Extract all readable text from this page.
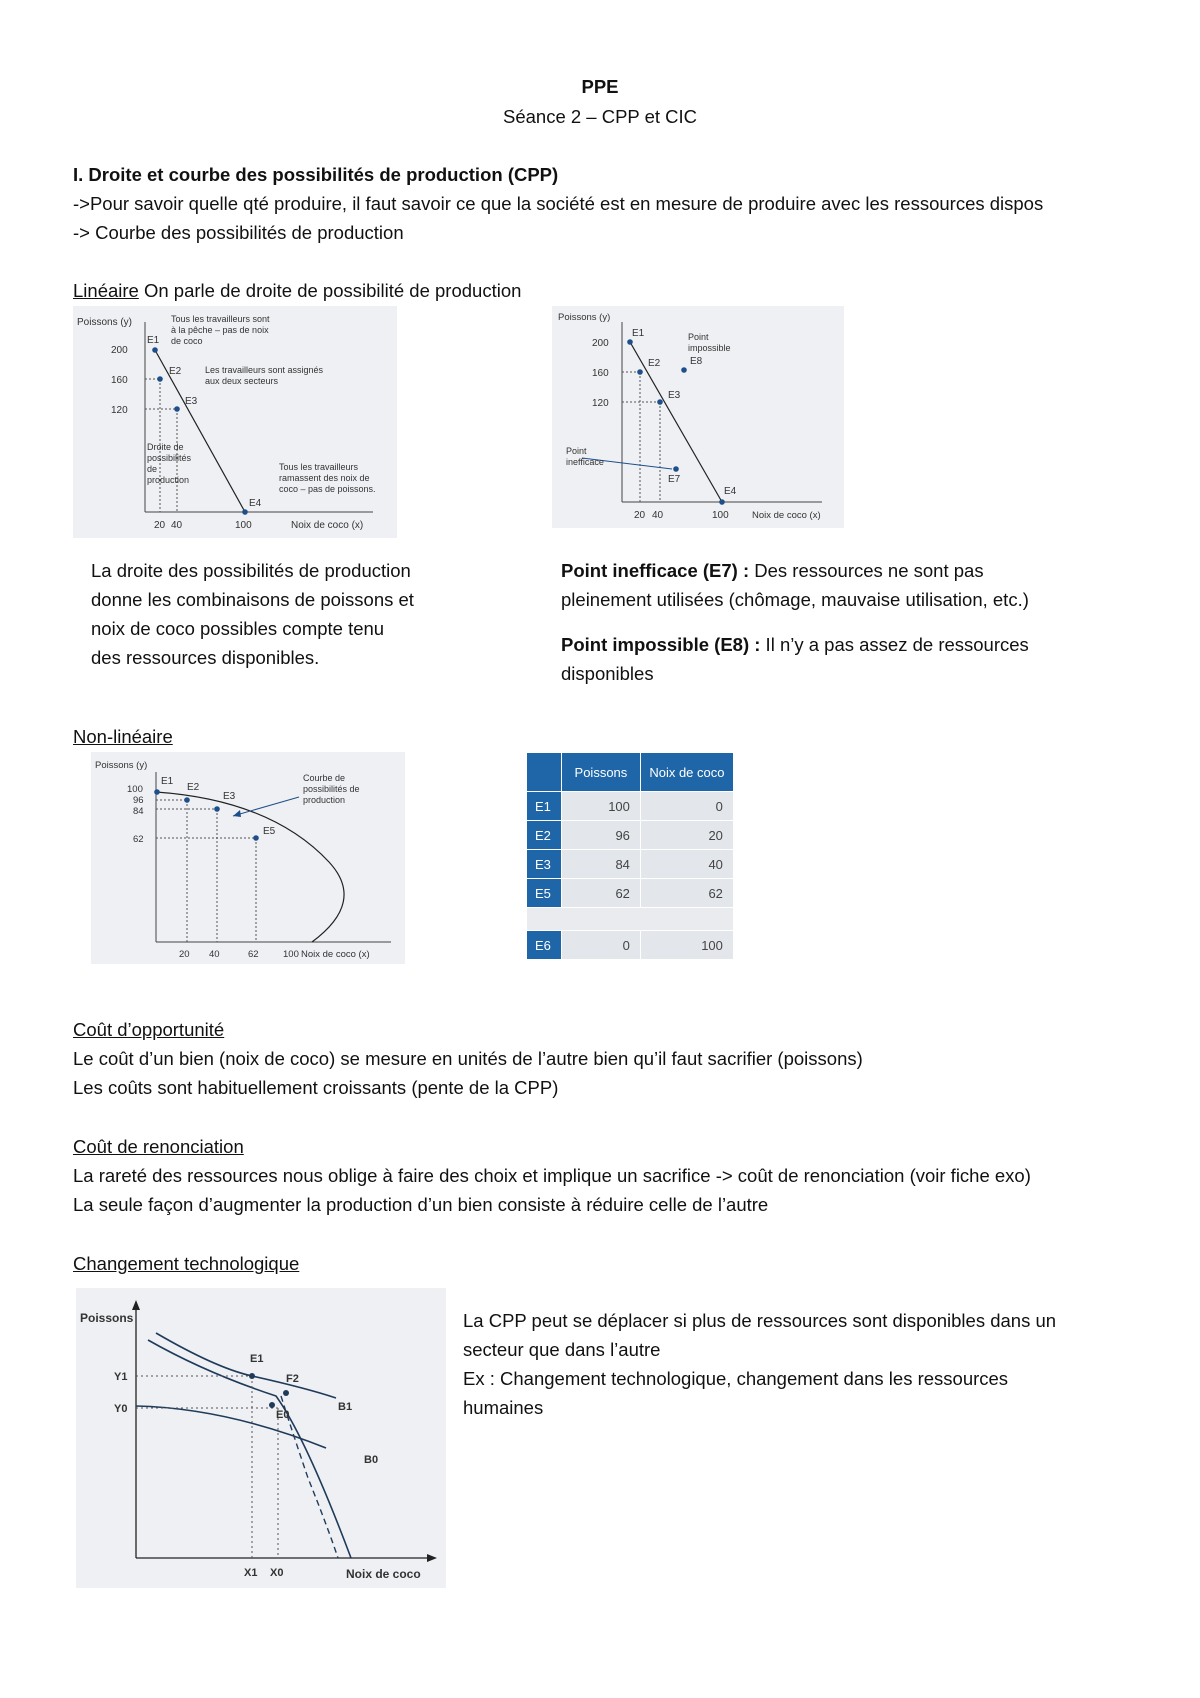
PPE
Séance 2 – CPP et CIC
I. Droite et courbe des possibilités de production (CPP)
->Pour savoir quelle qté produire, il faut savoir ce que la société est en mesure de produire avec les ressources dispos
-> Courbe des possibilités de production
Linéaire On parle de droite de possibilité de production
Poissons (y)
Noix de coco (x)
200
160
120
20 40	100
E1
E2
E3
E4
Tous les travailleurs sont
à la pêche – pas de noix
de coco
Les travailleurs sont assignés
aux deux secteurs
Droite de
possibilités
de
production
Tous les travailleurs
ramassent des noix de
coco – pas de poissons.
Poissons (y)
Noix de coco (x)
200
160
120
20 40	100
E1
E2
E3
E4
E7
E8
Point
impossible
Point
inefficace
La droite des possibilités de production
donne les combinaisons de poissons et
noix de coco possibles compte tenu
des ressources disponibles.
Point inefficace (E7) : Des ressources ne sont pas
pleinement utilisées (chômage, mauvaise utilisation, etc.)
Point impossible (E8) : Il n’y a pas assez de ressources
disponibles
Non-linéaire
Poissons (y)
Noix de coco (x)
100
96
84
62
20 40	62	100
E1
E2
E3
E5
Courbe de
possibilités de
production
	Poissons	Noix de coco
E1	100	0
E2	96	20
E3	84	40
E5	62	62

E6	0	100
Coût d’opportunité
Le coût d’un bien (noix de coco) se mesure en unités de l’autre bien qu’il faut sacrifier (poissons)
Les coûts sont habituellement croissants (pente de la CPP)
Coût de renonciation
La rareté des ressources nous oblige à faire des choix et implique un sacrifice -> coût de renonciation (voir fiche exo)
La seule façon d’augmenter la production d’un bien consiste à réduire celle de l’autre
Changement technologique
Poissons
Noix de coco
Y1
Y0
X1 X0
E1
E0
F2
B1
B0
La CPP peut se déplacer si plus de ressources sont disponibles dans un
secteur que dans l’autre
Ex : Changement technologique, changement dans les ressources
humaines
